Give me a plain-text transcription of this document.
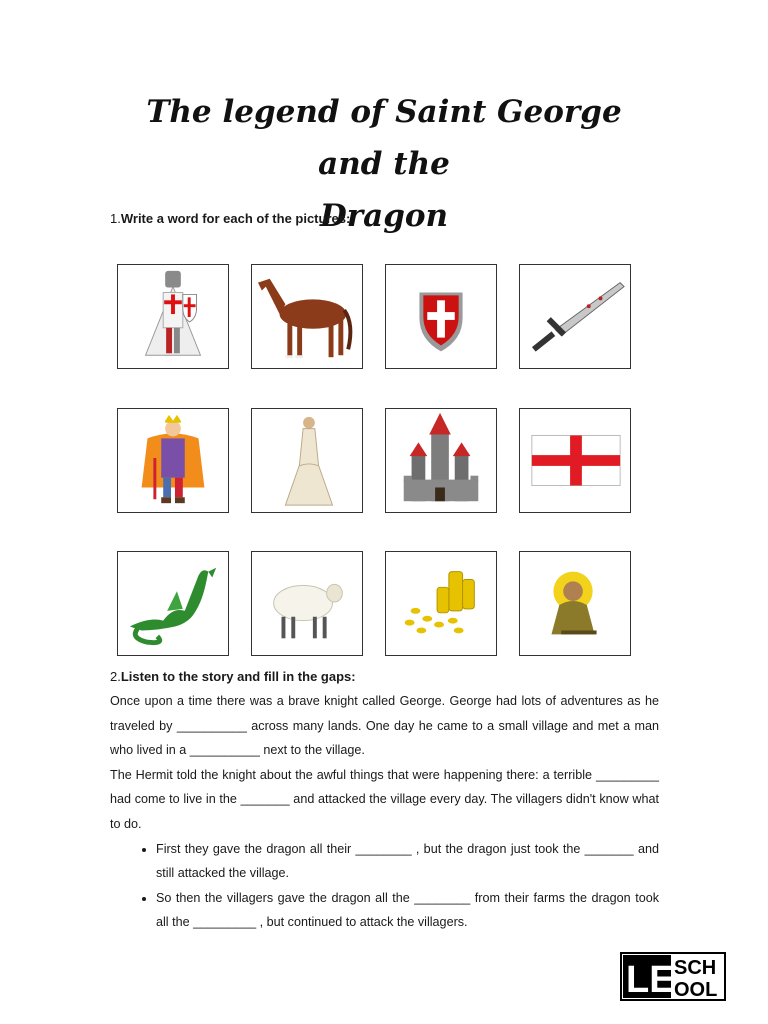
The legend of Saint George and the
Dragon
1.Write a word for each of the pictures:
2.Listen to the story and fill in the gaps:

Once upon a time there was a brave knight called George. George had lots of adventures as he traveled by __________ across many lands. One day he came to a small village and met a man who lived in a __________ next to the village.

The Hermit told the knight about the awful things that were happening there: a terrible _________ had come to live in the _______ and attacked the village every day. The villagers didn't know what to do.

• First they gave the dragon all their ________ , but the dragon just took the _______ and still attacked the village.
• So then the villagers gave the dragon all the ________ from their farms the dragon took all the _________ , but continued to attack the villagers.
LE SCH
OOL
